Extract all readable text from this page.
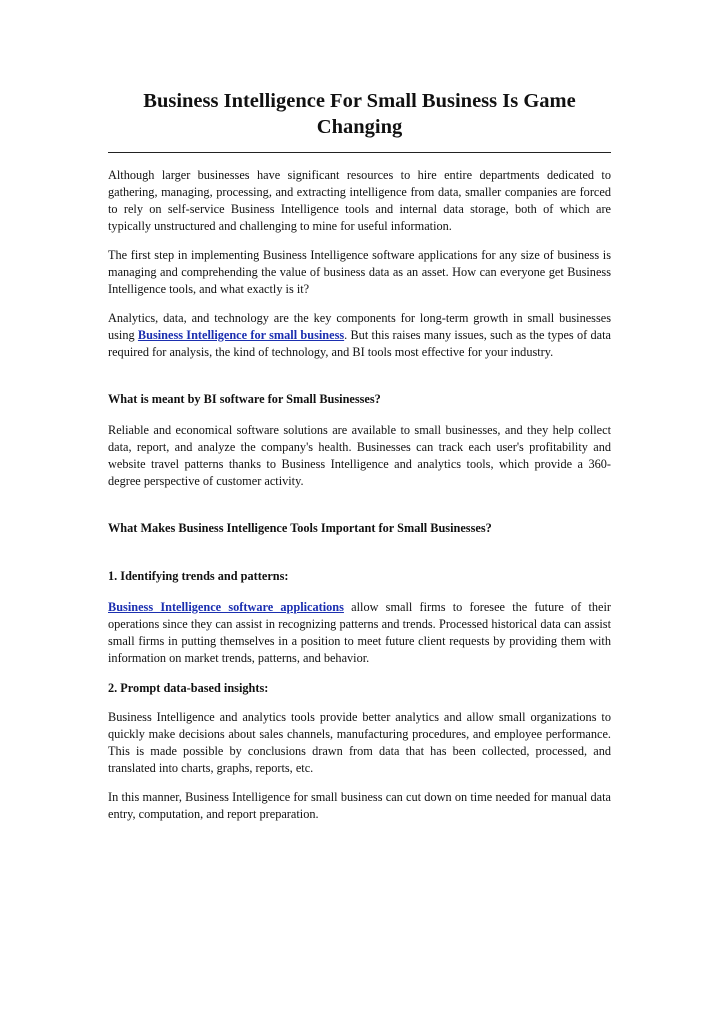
Business Intelligence For Small Business Is Game Changing

Although larger businesses have significant resources to hire entire departments dedicated to gathering, managing, processing, and extracting intelligence from data, smaller companies are forced to rely on self-service Business Intelligence tools and internal data storage, both of which are typically unstructured and challenging to mine for useful information.

The first step in implementing Business Intelligence software applications for any size of business is managing and comprehending the value of business data as an asset. How can everyone get Business Intelligence tools, and what exactly is it?

Analytics, data, and technology are the key components for long-term growth in small businesses using Business Intelligence for small business. But this raises many issues, such as the types of data required for analysis, the kind of technology, and BI tools most effective for your industry.

What is meant by BI software for Small Businesses?

Reliable and economical software solutions are available to small businesses, and they help collect data, report, and analyze the company's health. Businesses can track each user's profitability and website travel patterns thanks to Business Intelligence and analytics tools, which provide a 360-degree perspective of customer activity.

What Makes Business Intelligence Tools Important for Small Businesses?
1. Identifying trends and patterns:

Business Intelligence software applications allow small firms to foresee the future of their operations since they can assist in recognizing patterns and trends. Processed historical data can assist small firms in putting themselves in a position to meet future client requests by providing them with information on market trends, patterns, and behavior.

2. Prompt data-based insights:

Business Intelligence and analytics tools provide better analytics and allow small organizations to quickly make decisions about sales channels, manufacturing procedures, and employee performance. This is made possible by conclusions drawn from data that has been collected, processed, and translated into charts, graphs, reports, etc.

In this manner, Business Intelligence for small business can cut down on time needed for manual data entry, computation, and report preparation.
